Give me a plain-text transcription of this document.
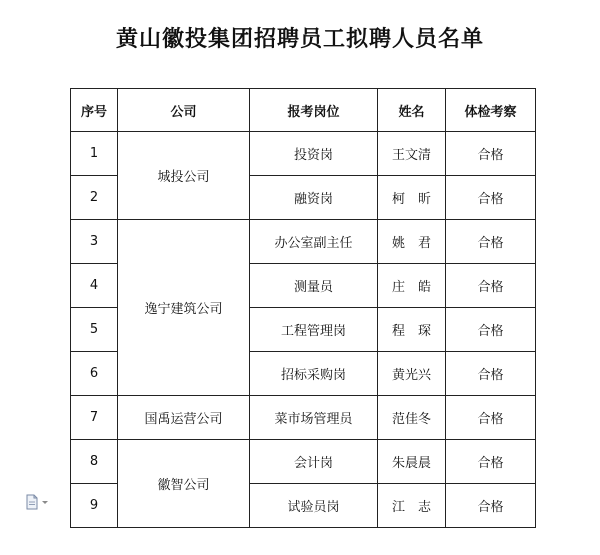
黄山徽投集团招聘员工拟聘人员名单
序号	公司	报考岗位	姓名	体检考察
1	城投公司	投资岗	王文清	合格
2		融资岗	柯　昕	合格
3	逸宁建筑公司	办公室副主任	姚　君	合格
4		测量员	庄　皓	合格
5		工程管理岗	程　琛	合格
6		招标采购岗	黄光兴	合格
7	国禹运营公司	菜市场管理员	范佳冬	合格
8	徽智公司	会计岗	朱晨晨	合格
9		试验员岗	江　志	合格
